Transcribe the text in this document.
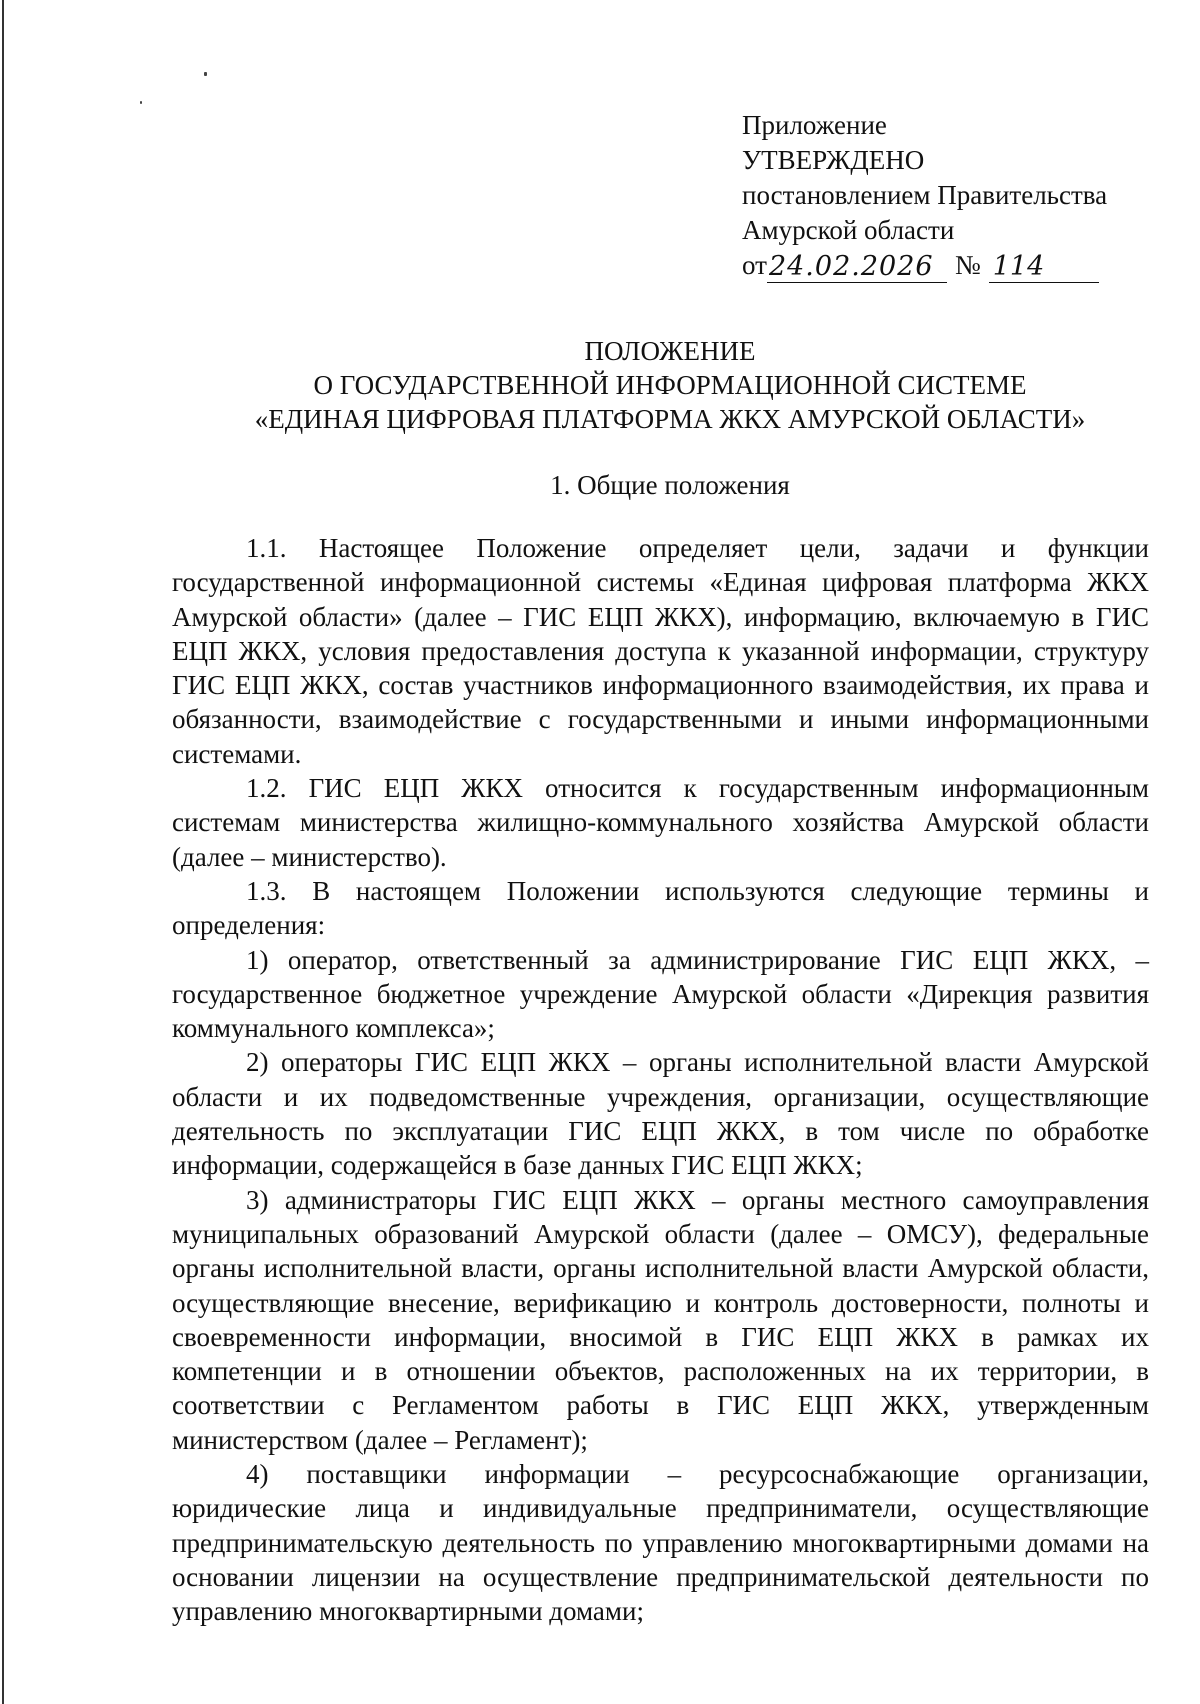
Приложение
УТВЕРЖДЕНО
постановлением Правительства
Амурской области
от 24.02.2026 № 114
ПОЛОЖЕНИЕ
О ГОСУДАРСТВЕННОЙ ИНФОРМАЦИОННОЙ СИСТЕМЕ
«ЕДИНАЯ ЦИФРОВАЯ ПЛАТФОРМА ЖКХ АМУРСКОЙ ОБЛАСТИ»
1. Общие положения

1.1. Настоящее Положение определяет цели, задачи и функции государственной информационной системы «Единая цифровая платформа ЖКХ Амурской области» (далее – ГИС ЕЦП ЖКХ), информацию, включаемую в ГИС ЕЦП ЖКХ, условия предоставления доступа к указанной информации, структуру ГИС ЕЦП ЖКХ, состав участников информационного взаимодействия, их права и обязанности, взаимодействие с государственными и иными информационными системами.

1.2. ГИС ЕЦП ЖКХ относится к государственным информационным системам министерства жилищно-коммунального хозяйства Амурской области (далее – министерство).

1.3. В настоящем Положении используются следующие термины и определения:

1) оператор, ответственный за администрирование ГИС ЕЦП ЖКХ, – государственное бюджетное учреждение Амурской области «Дирекция развития коммунального комплекса»;

2) операторы ГИС ЕЦП ЖКХ – органы исполнительной власти Амурской области и их подведомственные учреждения, организации, осуществляющие деятельность по эксплуатации ГИС ЕЦП ЖКХ, в том числе по обработке информации, содержащейся в базе данных ГИС ЕЦП ЖКХ;

3) администраторы ГИС ЕЦП ЖКХ – органы местного самоуправления муниципальных образований Амурской области (далее – ОМСУ), федеральные органы исполнительной власти, органы исполнительной власти Амурской области, осуществляющие внесение, верификацию и контроль достоверности, полноты и своевременности информации, вносимой в ГИС ЕЦП ЖКХ в рамках их компетенции и в отношении объектов, расположенных на их территории, в соответствии с Регламентом работы в ГИС ЕЦП ЖКХ, утвержденным министерством (далее – Регламент);

4) поставщики информации – ресурсоснабжающие организации, юридические лица и индивидуальные предприниматели, осуществляющие предпринимательскую деятельность по управлению многоквартирными домами на основании лицензии на осуществление предпринимательской деятельности по управлению многоквартирными домами;
